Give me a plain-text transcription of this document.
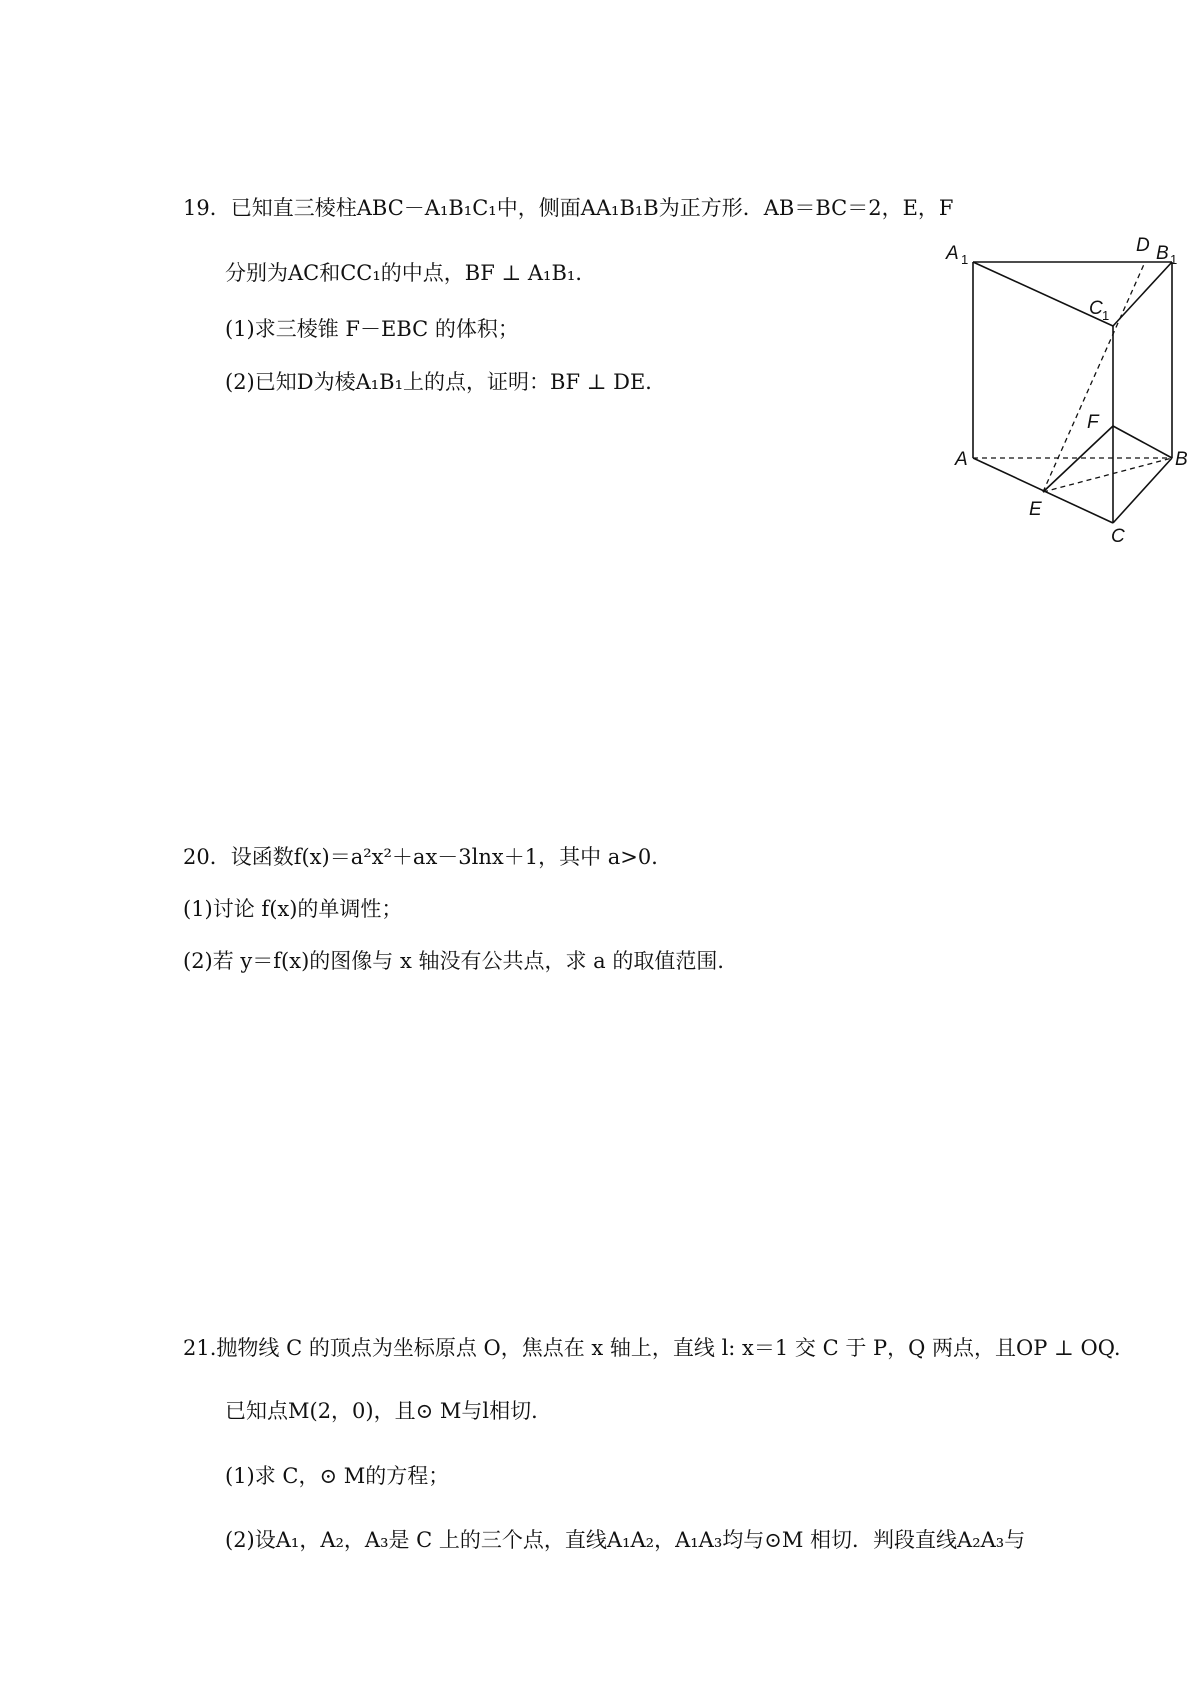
19．已知直三棱柱ABC－A₁B₁C₁中，侧面AA₁B₁B为正方形．AB＝BC＝2，E，F
分别为AC和CC₁的中点，BF ⊥ A₁B₁．
(1)求三棱锥 F－EBC 的体积；
(2)已知D为棱A₁B₁上的点，证明：BF ⊥ DE．
A 1
D B 1
C 1
F
A	B
E
C
20．设函数f(x)＝a²x²＋ax－3lnx＋1，其中 a>0．
(1)讨论 f(x)的单调性；
(2)若 y＝f(x)的图像与 x 轴没有公共点，求 a 的取值范围．
21.抛物线 C 的顶点为坐标原点 O，焦点在 x 轴上，直线 l: x＝1 交 C 于 P，Q 两点，且OP ⊥ OQ.
已知点M(2，0)，且⊙ M与l相切．
(1)求 C，⊙ M的方程；
(2)设A₁，A₂，A₃是 C 上的三个点，直线A₁A₂，A₁A₃均与⊙M 相切．判段直线A₂A₃与
